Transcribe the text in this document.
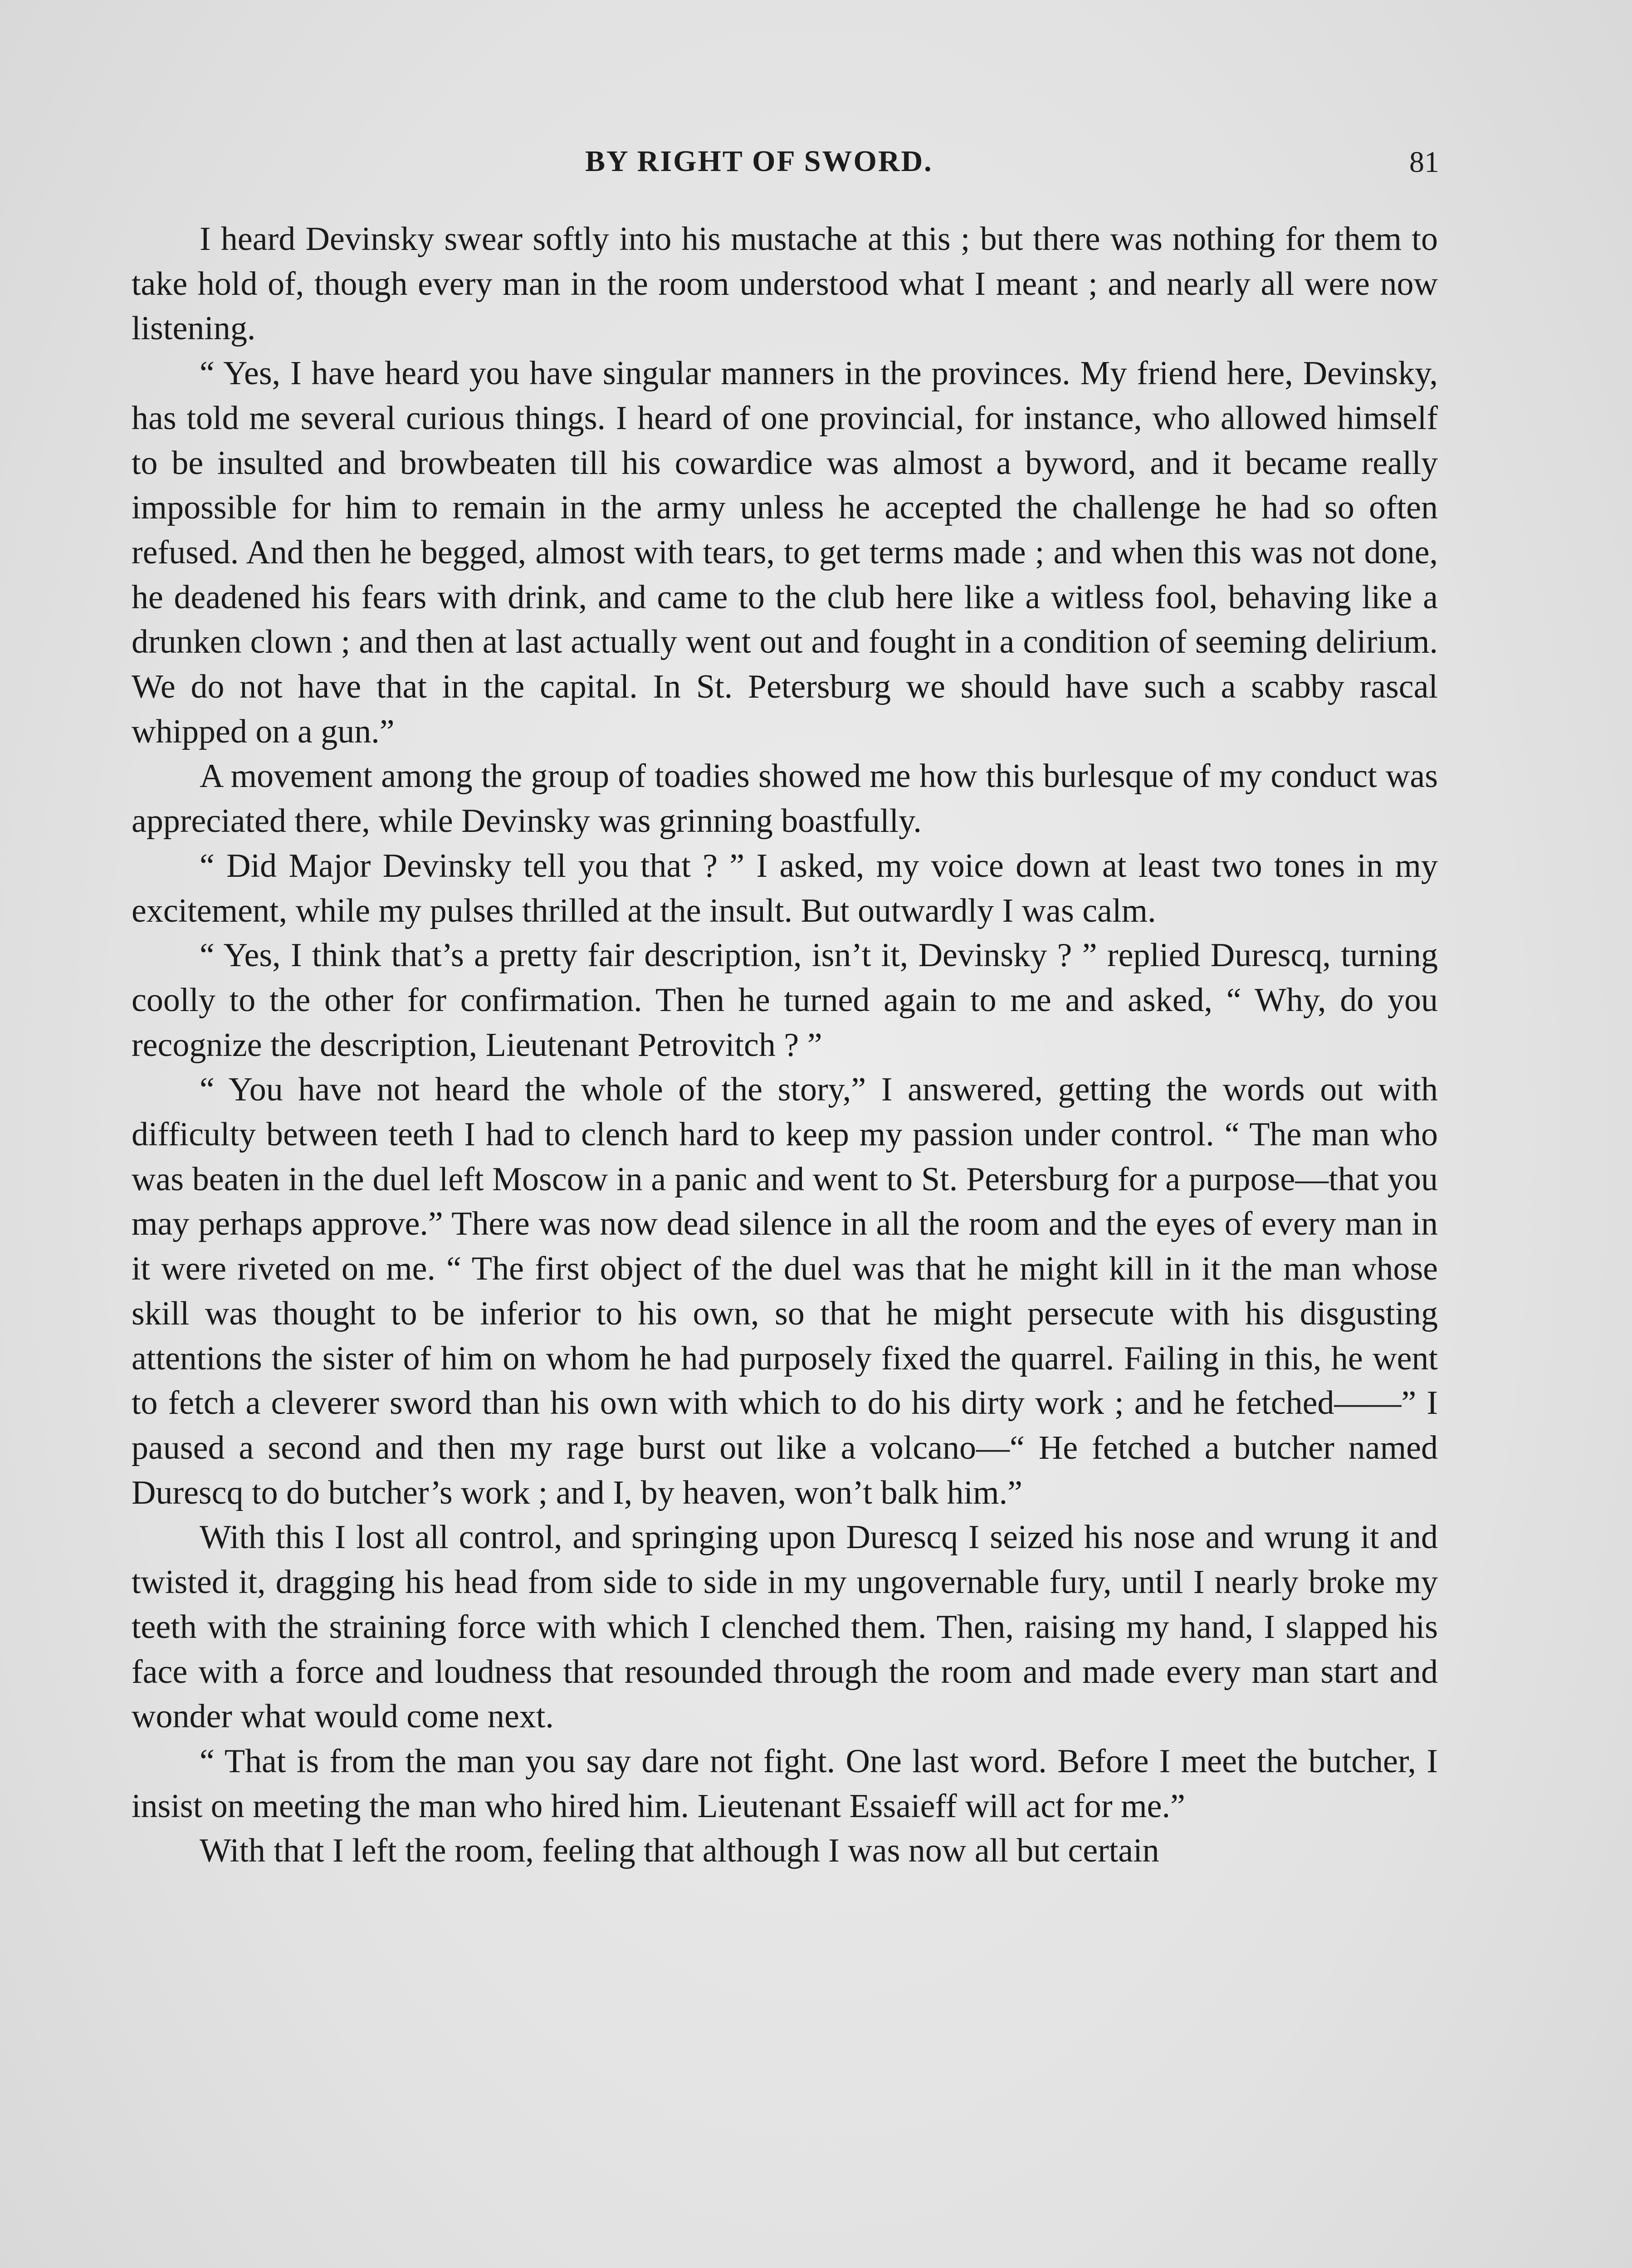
BY RIGHT OF SWORD.	81

I heard Devinsky swear softly into his mustache at this ; but there was nothing for them to take hold of, though every man in the room understood what I meant ; and nearly all were now listening.

“ Yes, I have heard you have singular manners in the provinces. My friend here, Devinsky, has told me several curious things. I heard of one provincial, for instance, who allowed himself to be insulted and browbeaten till his cowardice was almost a byword, and it became really impossible for him to remain in the army unless he accepted the challenge he had so often refused. And then he begged, almost with tears, to get terms made ; and when this was not done, he deadened his fears with drink, and came to the club here like a witless fool, behaving like a drunken clown ; and then at last actually went out and fought in a condition of seeming delirium. We do not have that in the capital. In St. Petersburg we should have such a scabby rascal whipped on a gun.”

A movement among the group of toadies showed me how this burlesque of my conduct was appreciated there, while Devinsky was grinning boastfully.

“ Did Major Devinsky tell you that ? ” I asked, my voice down at least two tones in my excitement, while my pulses thrilled at the insult. But outwardly I was calm.

“ Yes, I think that’s a pretty fair description, isn’t it, Devinsky ? ” replied Durescq, turning coolly to the other for confirmation. Then he turned again to me and asked, “ Why, do you recognize the description, Lieutenant Petrovitch ? ”

“ You have not heard the whole of the story,” I answered, getting the words out with difficulty between teeth I had to clench hard to keep my passion under control. “ The man who was beaten in the duel left Moscow in a panic and went to St. Petersburg for a purpose—that you may perhaps approve.” There was now dead silence in all the room and the eyes of every man in it were riveted on me. “ The first object of the duel was that he might kill in it the man whose skill was thought to be inferior to his own, so that he might persecute with his disgusting attentions the sister of him on whom he had purposely fixed the quarrel. Failing in this, he went to fetch a cleverer sword than his own with which to do his dirty work ; and he fetched——” I paused a second and then my rage burst out like a volcano—“ He fetched a butcher named Durescq to do butcher’s work ; and I, by heaven, won’t balk him.”

With this I lost all control, and springing upon Durescq I seized his nose and wrung it and twisted it, dragging his head from side to side in my ungovernable fury, until I nearly broke my teeth with the straining force with which I clenched them. Then, raising my hand, I slapped his face with a force and loudness that resounded through the room and made every man start and wonder what would come next.

“ That is from the man you say dare not fight. One last word. Before I meet the butcher, I insist on meeting the man who hired him. Lieutenant Essaieff will act for me.”

With that I left the room, feeling that although I was now all but certain
